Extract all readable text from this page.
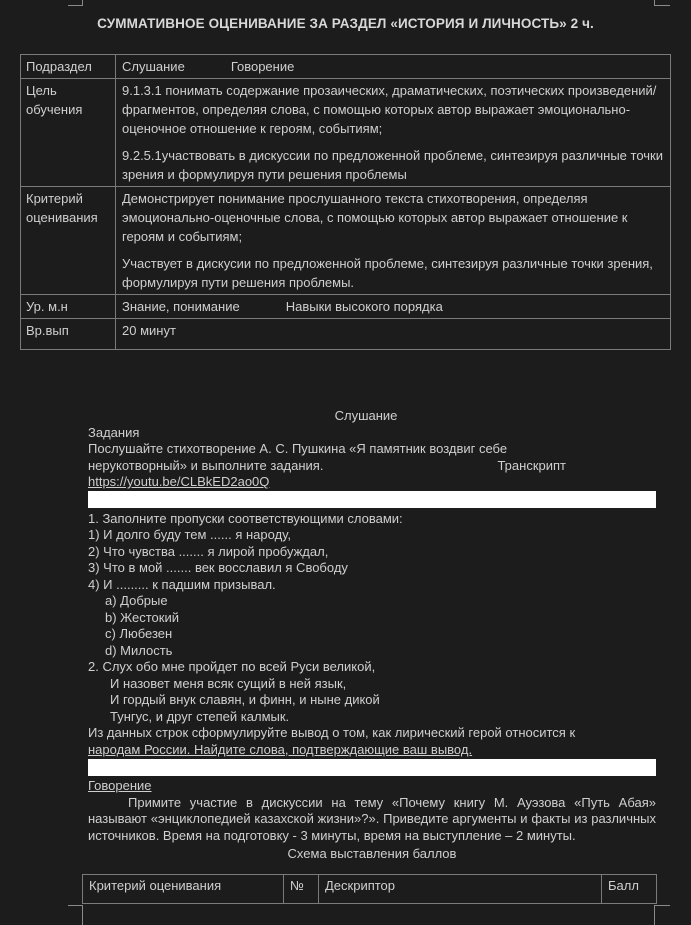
СУММАТИВНОЕ ОЦЕНИВАНИЕ ЗА РАЗДЕЛ «ИСТОРИЯ И ЛИЧНОСТЬ» 2 ч.
Подраздел	Слушание Говорение
Цель обучения	9.1.3.1 понимать содержание прозаических, драматических, поэтических произведений/фрагментов, определяя слова, с помощью которых автор выражает эмоционально-оценочное отношение к героям, событиям;
9.2.5.1участвовать в дискуссии по предложенной проблеме, синтезируя различные точки зрения и формулируя пути решения проблемы

Критерий оценивания	Демонстрирует понимание прослушанного текста стихотворения, определяя эмоционально-оценочные слова, с помощью которых автор выражает отношение к героям и событиям;
Участвует в дискусии по предложенной проблеме, синтезируя различные точки зрения, формулируя пути решения проблемы.

Ур. м.н	Знание, понимание Навыки высокого порядка
Вр.вып	20 минут
Слушание
Задания
Послушайте стихотворение А. С. Пушкина «Я памятник воздвиг себе
нерукотворный» и выполните задания.	Транскрипт
https://youtu.be/CLBkED2ao0Q
1. Заполните пропуски соответствующими словами:
1) И долго буду тем ...... я народу,
2) Что чувства ....... я лирой пробуждал,
3) Что в мой ....... век восславил я Свободу
4) И ......... к падшим призывал.
а) Добрые
b) Жестокий
c) Любезен
d) Милость
2. Слух обо мне пройдет по всей Руси великой,
И назовет меня всяк сущий в ней язык,
И гордый внук славян, и финн, и ныне дикой
Тунгус, и друг степей калмык.
Из данных строк сформулируйте вывод о том, как лирический герой относится к
народам России. Найдите слова, подтверждающие ваш вывод.
Говорение
Примите участие в дискуссии на тему «Почему книгу М. Ауэзова «Путь Абая» называют «энциклопедией казахской жизни»?». Приведите аргументы и факты из различных источников. Время на подготовку - 3 минуты, время на выступление – 2 минуты.
Схема выставления баллов
Критерий оценивания	№	Дескриптор	Балл
